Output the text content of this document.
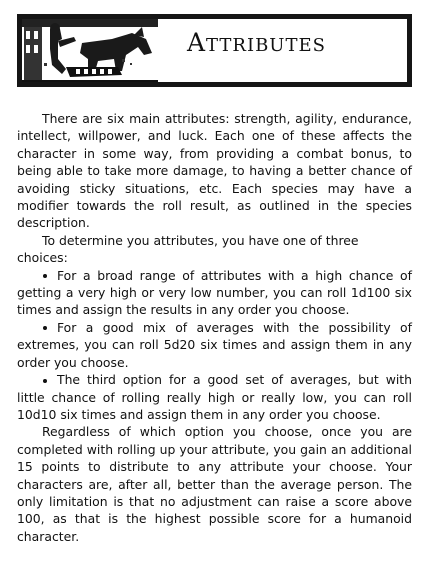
Attributes

There are six main attributes: strength, agility, endurance, intellect, willpower, and luck. Each one of these affects the character in some way, from providing a combat bonus, to being able to take more damage, to having a better chance of avoiding sticky situations, etc. Each species may have a modifier towards the roll result, as outlined in the species description.

To determine you attributes, you have one of three choices:

For a broad range of attributes with a high chance of getting a very high or very low number, you can roll 1d100 six times and assign the results in any order you choose.

For a good mix of averages with the possibility of extremes, you can roll 5d20 six times and assign them in any order you choose.

The third option for a good set of averages, but with little chance of rolling really high or really low, you can roll 10d10 six times and assign them in any order you choose.

Regardless of which option you choose, once you are completed with rolling up your attribute, you gain an additional 15 points to distribute to any attribute your choose. Your characters are, after all, better than the average person. The only limitation is that no adjustment can raise a score above 100, as that is the highest possible score for a humanoid character.
